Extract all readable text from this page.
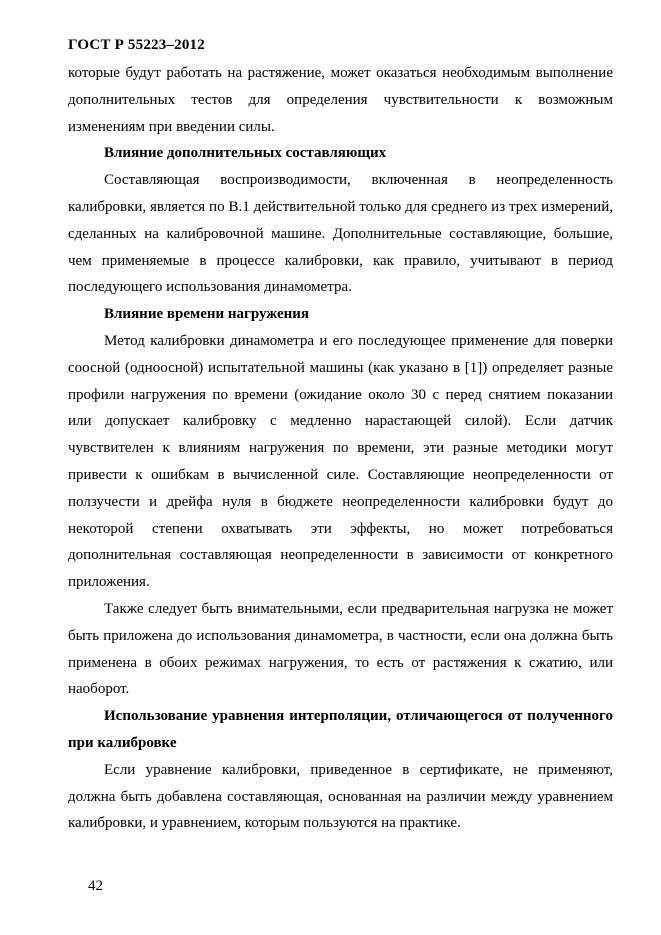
ГОСТ Р 55223–2012

которые будут работать на растяжение, может оказаться необходимым выполнение дополнительных тестов для определения чувствительности к возможным изменениям при введении силы.

Влияние дополнительных составляющих

Составляющая воспроизводимости, включенная в неопределенность калибровки, является по В.1 действительной только для среднего из трех измерений, сделанных на калибровочной машине. Дополнительные составляющие, большие, чем применяемые в процессе калибровки, как правило, учитывают в период последующего использования динамометра.

Влияние времени нагружения

Метод калибровки динамометра и его последующее применение для поверки соосной (одноосной) испытательной машины (как указано в [1]) определяет разные профили нагружения по времени (ожидание около 30 с перед снятием показании или допускает калибровку с медленно нарастающей силой). Если датчик чувствителен к влияниям нагружения по времени, эти разные методики могут привести к ошибкам в вычисленной силе. Составляющие неопределенности от ползучести и дрейфа нуля в бюджете неопределенности калибровки будут до некоторой степени охватывать эти эффекты, но может потребоваться дополнительная составляющая неопределенности в зависимости от конкретного приложения.

Также следует быть внимательными, если предварительная нагрузка не может быть приложена до использования динамометра, в частности, если она должна быть применена в обоих режимах нагружения, то есть от растяжения к сжатию, или наоборот.

Использование уравнения интерполяции, отличающегося от полученного при калибровке

Если уравнение калибровки, приведенное в сертификате, не применяют, должна быть добавлена составляющая, основанная на различии между уравнением калибровки, и уравнением, которым пользуются на практике.

42
